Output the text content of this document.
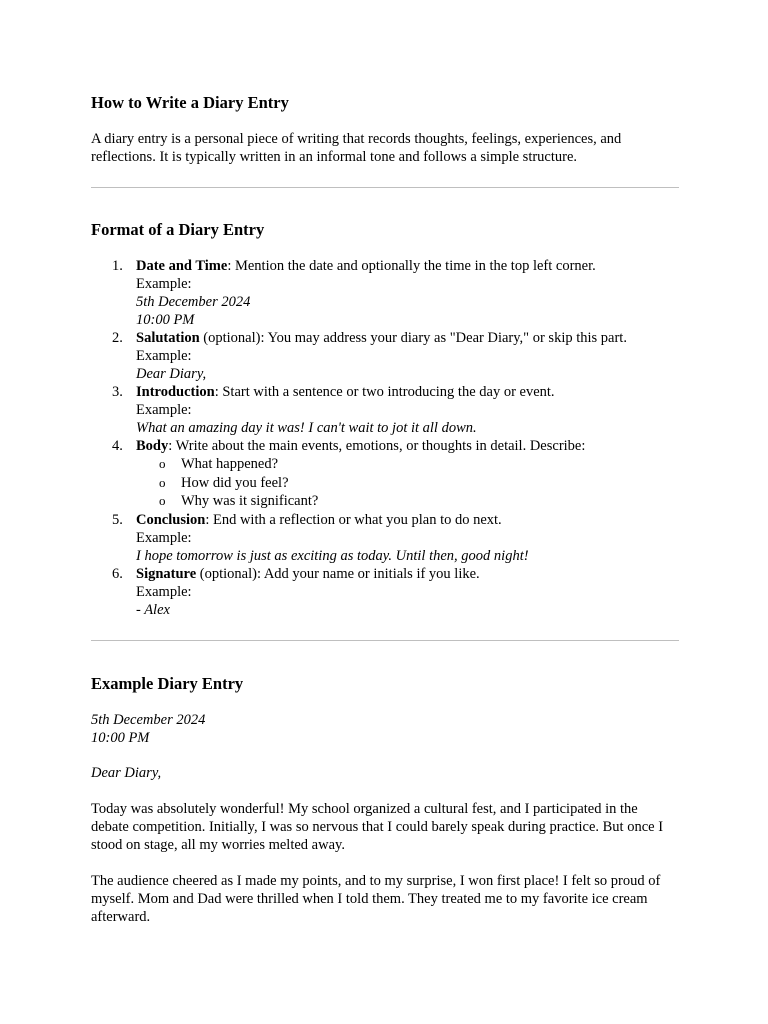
How to Write a Diary Entry

A diary entry is a personal piece of writing that records thoughts, feelings, experiences, and reflections. It is typically written in an informal tone and follows a simple structure.

Format of a Diary Entry
1. Date and Time: Mention the date and optionally the time in the top left corner.
Example:
5th December 2024
10:00 PM
2. Salutation (optional): You may address your diary as "Dear Diary," or skip this part.
Example:
Dear Diary,
3. Introduction: Start with a sentence or two introducing the day or event.
Example:
What an amazing day it was! I can't wait to jot it all down.
4. Body: Write about the main events, emotions, or thoughts in detail. Describe:
o What happened?
o How did you feel?
o Why was it significant?
5. Conclusion: End with a reflection or what you plan to do next.
Example:
I hope tomorrow is just as exciting as today. Until then, good night!
6. Signature (optional): Add your name or initials if you like.
Example:
- Alex
Example Diary Entry

5th December 2024

10:00 PM

Dear Diary,

Today was absolutely wonderful! My school organized a cultural fest, and I participated in the debate competition. Initially, I was so nervous that I could barely speak during practice. But once I stood on stage, all my worries melted away.

The audience cheered as I made my points, and to my surprise, I won first place! I felt so proud of myself. Mom and Dad were thrilled when I told them. They treated me to my favorite ice cream afterward.
